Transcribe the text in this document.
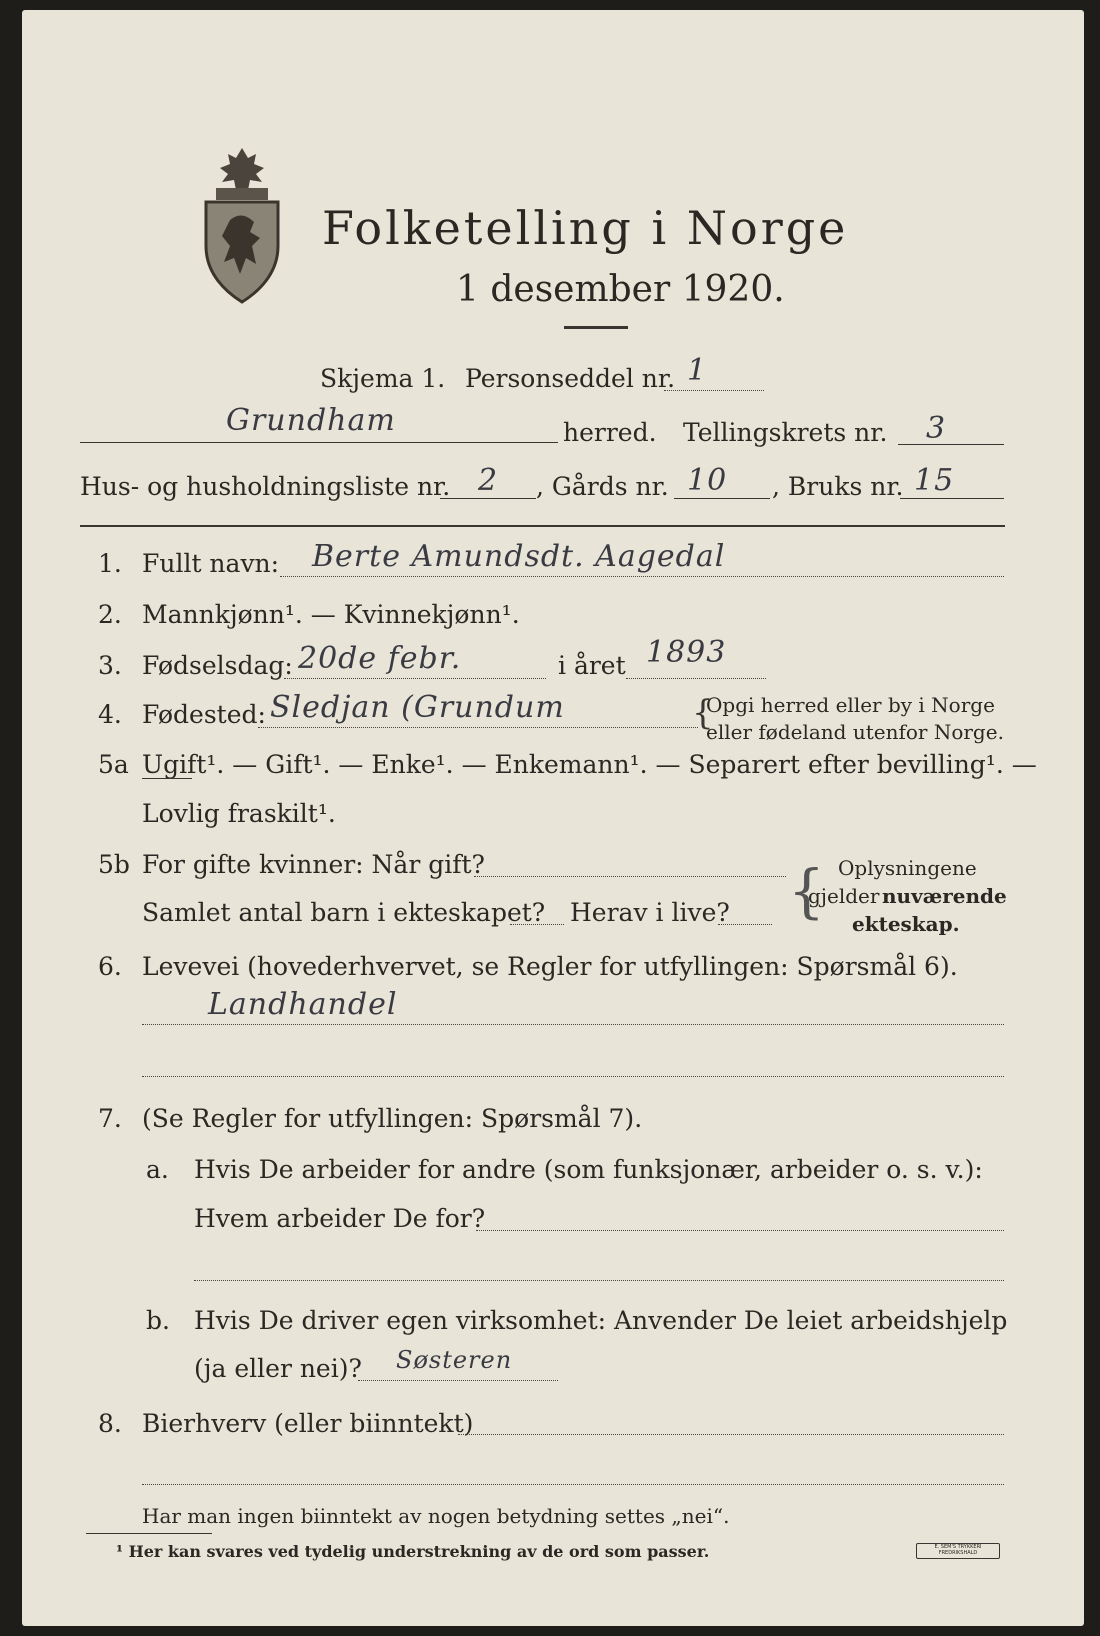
Folketelling i Norge
1 desember 1920.
Skjema 1. Personseddel nr. 1
Grundham	herred. Tellingskrets nr. 3
Hus- og husholdningsliste nr. 2 , Gårds nr. 10 , Bruks nr. 15
1. Fullt navn: Berte Amundsdt. Aagedal
2. Mannkjønn¹. — Kvinnekjønn¹.
3. Fødselsdag: 20de febr.	i året 1893
4. Fødested: Sledjan (Grundum	{
Opgi herred eller by i Norge
eller fødeland utenfor Norge.
5a Ugift¹. — Gift¹. — Enke¹. — Enkemann¹. — Separert efter bevilling¹. —
Lovlig fraskilt¹.
5b For gifte kvinner: Når gift?
Samlet antal barn i ekteskapet? Herav i live? { Oplysningene
gjelder nuværende
ekteskap.
6. Levevei (hovederhvervet, se Regler for utfyllingen: Spørsmål 6).
Landhandel
7. (Se Regler for utfyllingen: Spørsmål 7).
a. Hvis De arbeider for andre (som funksjonær, arbeider o. s. v.):
Hvem arbeider De for?
b. Hvis De driver egen virksomhet: Anvender De leiet arbeidshjelp
(ja eller nei)? Søsteren
8. Bierhverv (eller biinntekt)
Har man ingen biinntekt av nogen betydning settes „nei“.
¹ Her kan svares ved tydelig understrekning av de ord som passer.	E. SEM'S TRYKKERI FREDRIKSHALD
